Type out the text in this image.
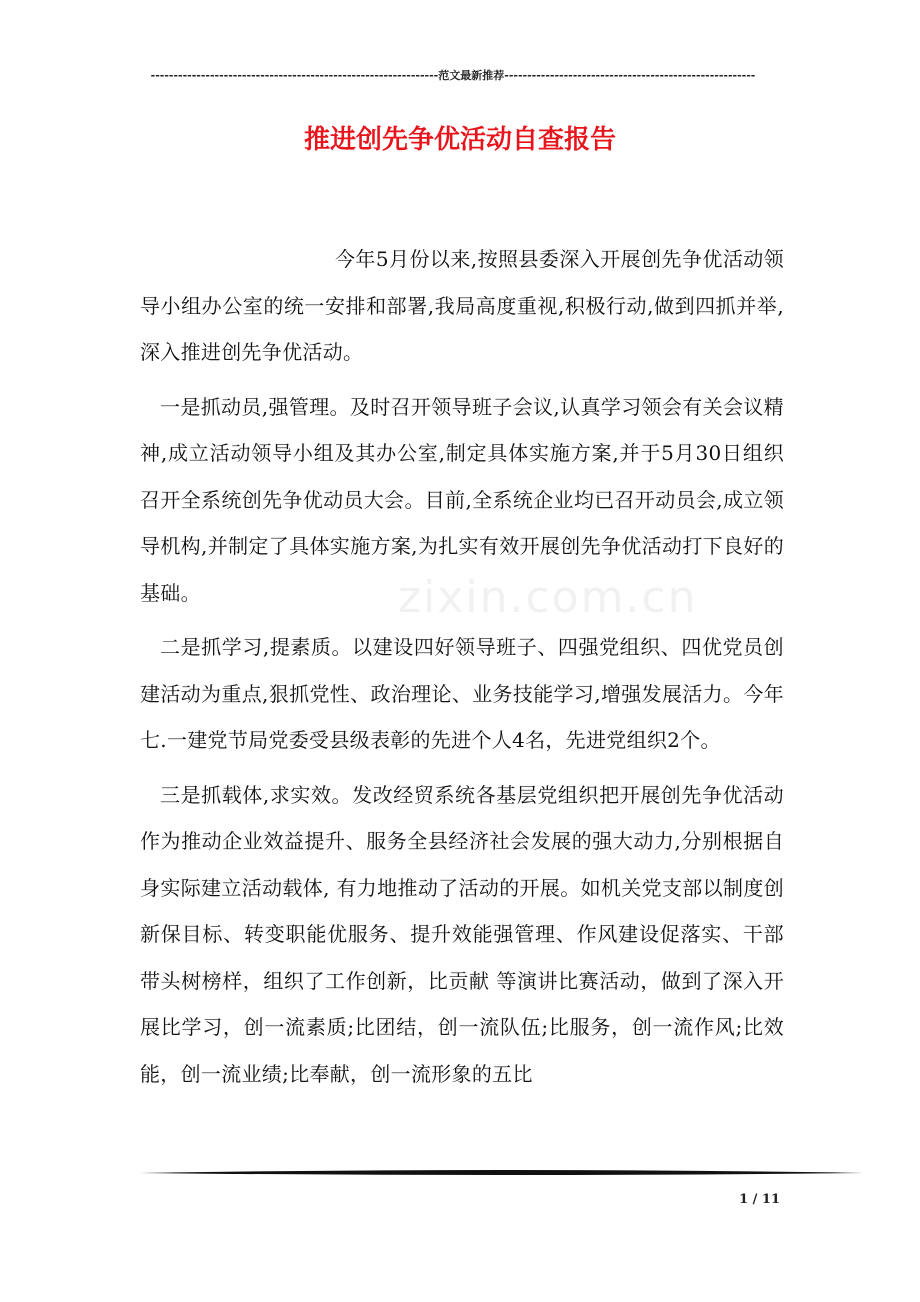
---------------------------------------------------------------范文最新推荐-------------------------------------------------------
推进创先争优活动自查报告
zixin.com.cn

今年5月份以来,按照县委深入开展创先争优活动领导小组办公室的统一安排和部署,我局高度重视,积极行动,做到四抓并举,深入推进创先争优活动。

一是抓动员,强管理。及时召开领导班子会议,认真学习领会有关会议精神,成立活动领导小组及其办公室,制定具体实施方案,并于5月30日组织召开全系统创先争优动员大会。目前,全系统企业均已召开动员会,成立领导机构,并制定了具体实施方案,为扎实有效开展创先争优活动打下良好的基础。

二是抓学习,提素质。以建设四好领导班子、四强党组织、四优党员创建活动为重点,狠抓党性、政治理论、业务技能学习,增强发展活力。今年七.一建党节局党委受县级表彰的先进个人4名，先进党组织2个。

三是抓载体,求实效。发改经贸系统各基层党组织把开展创先争优活动作为推动企业效益提升、服务全县经济社会发展的强大动力,分别根据自身实际建立活动载体, 有力地推动了活动的开展。如机关党支部以制度创新保目标、转变职能优服务、提升效能强管理、作风建设促落实、干部带头树榜样，组织了工作创新，比贡献 等演讲比赛活动，做到了深入开展比学习，创一流素质;比团结，创一流队伍;比服务，创一流作风;比效能，创一流业绩;比奉献，创一流形象的五比

1 / 11
